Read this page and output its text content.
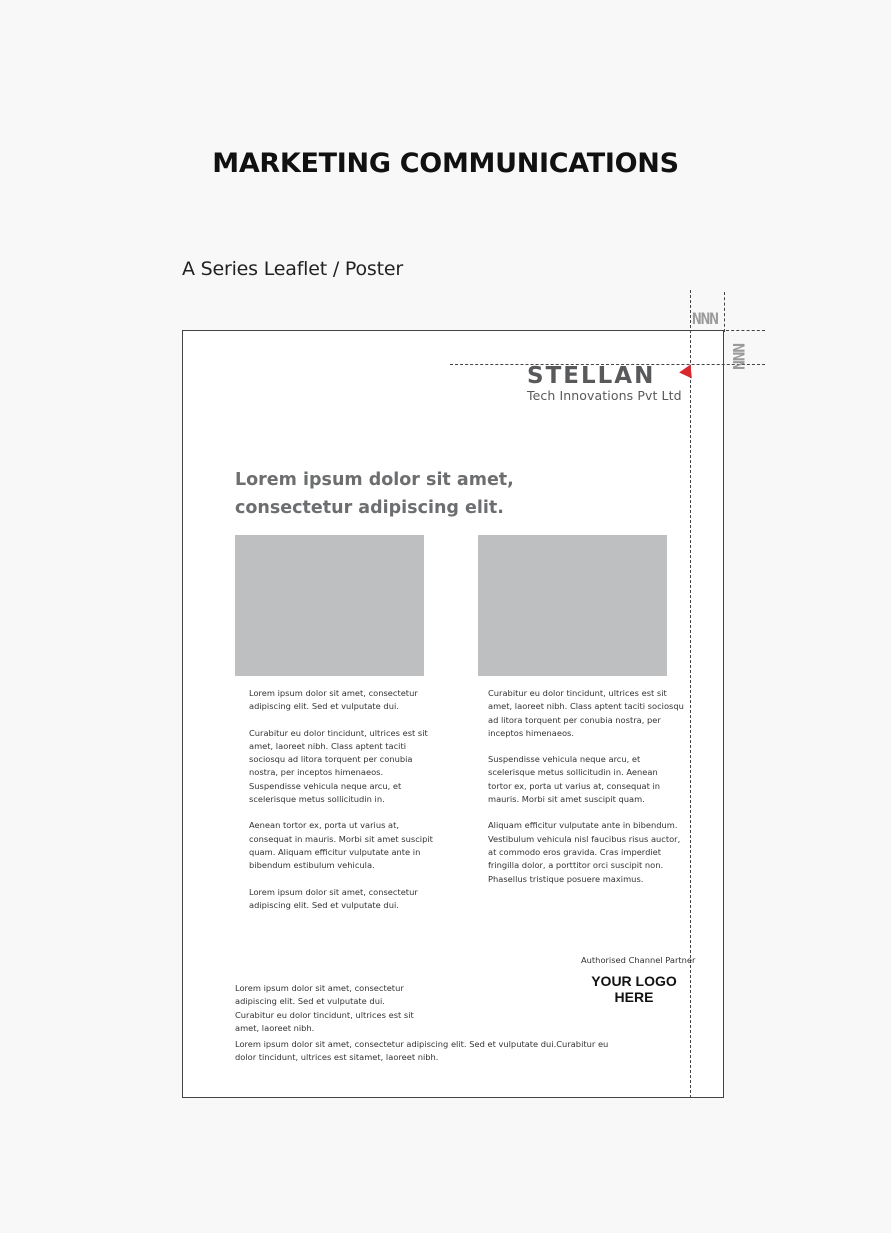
MARKETING COMMUNICATIONS
A Series Leaflet / Poster
NNN
NNN
STELLAN
Tech Innovations Pvt Ltd
Lorem ipsum dolor sit amet, consectetur adipiscing elit.

Lorem ipsum dolor sit amet, consectetur
adipiscing elit. Sed et vulputate dui.

Curabitur eu dolor tincidunt, ultrices est sit
amet, laoreet nibh. Class aptent taciti
sociosqu ad litora torquent per conubia
nostra, per inceptos himenaeos.
Suspendisse vehicula neque arcu, et
scelerisque metus sollicitudin in.

Aenean tortor ex, porta ut varius at,
consequat in mauris. Morbi sit amet suscipit
quam. Aliquam efficitur vulputate ante in
bibendum estibulum vehicula.

Lorem ipsum dolor sit amet, consectetur
adipiscing elit. Sed et vulputate dui.

Curabitur eu dolor tincidunt, ultrices est sit
amet, laoreet nibh. Class aptent taciti sociosqu
ad litora torquent per conubia nostra, per
inceptos himenaeos.

Suspendisse vehicula neque arcu, et
scelerisque metus sollicitudin in. Aenean
tortor ex, porta ut varius at, consequat in
mauris. Morbi sit amet suscipit quam.

Aliquam efficitur vulputate ante in bibendum.
Vestibulum vehicula nisl faucibus risus auctor,
at commodo eros gravida. Cras imperdiet
fringilla dolor, a porttitor orci suscipit non.
Phasellus tristique posuere maximus.

Authorised Channel Partner
YOUR LOGO
HERE
Lorem ipsum dolor sit amet, consectetur
adipiscing elit. Sed et vulputate dui.
Curabitur eu dolor tincidunt, ultrices est sit
amet, laoreet nibh.
Lorem ipsum dolor sit amet, consectetur adipiscing elit. Sed et vulputate dui.Curabitur eu
dolor tincidunt, ultrices est sitamet, laoreet nibh.
